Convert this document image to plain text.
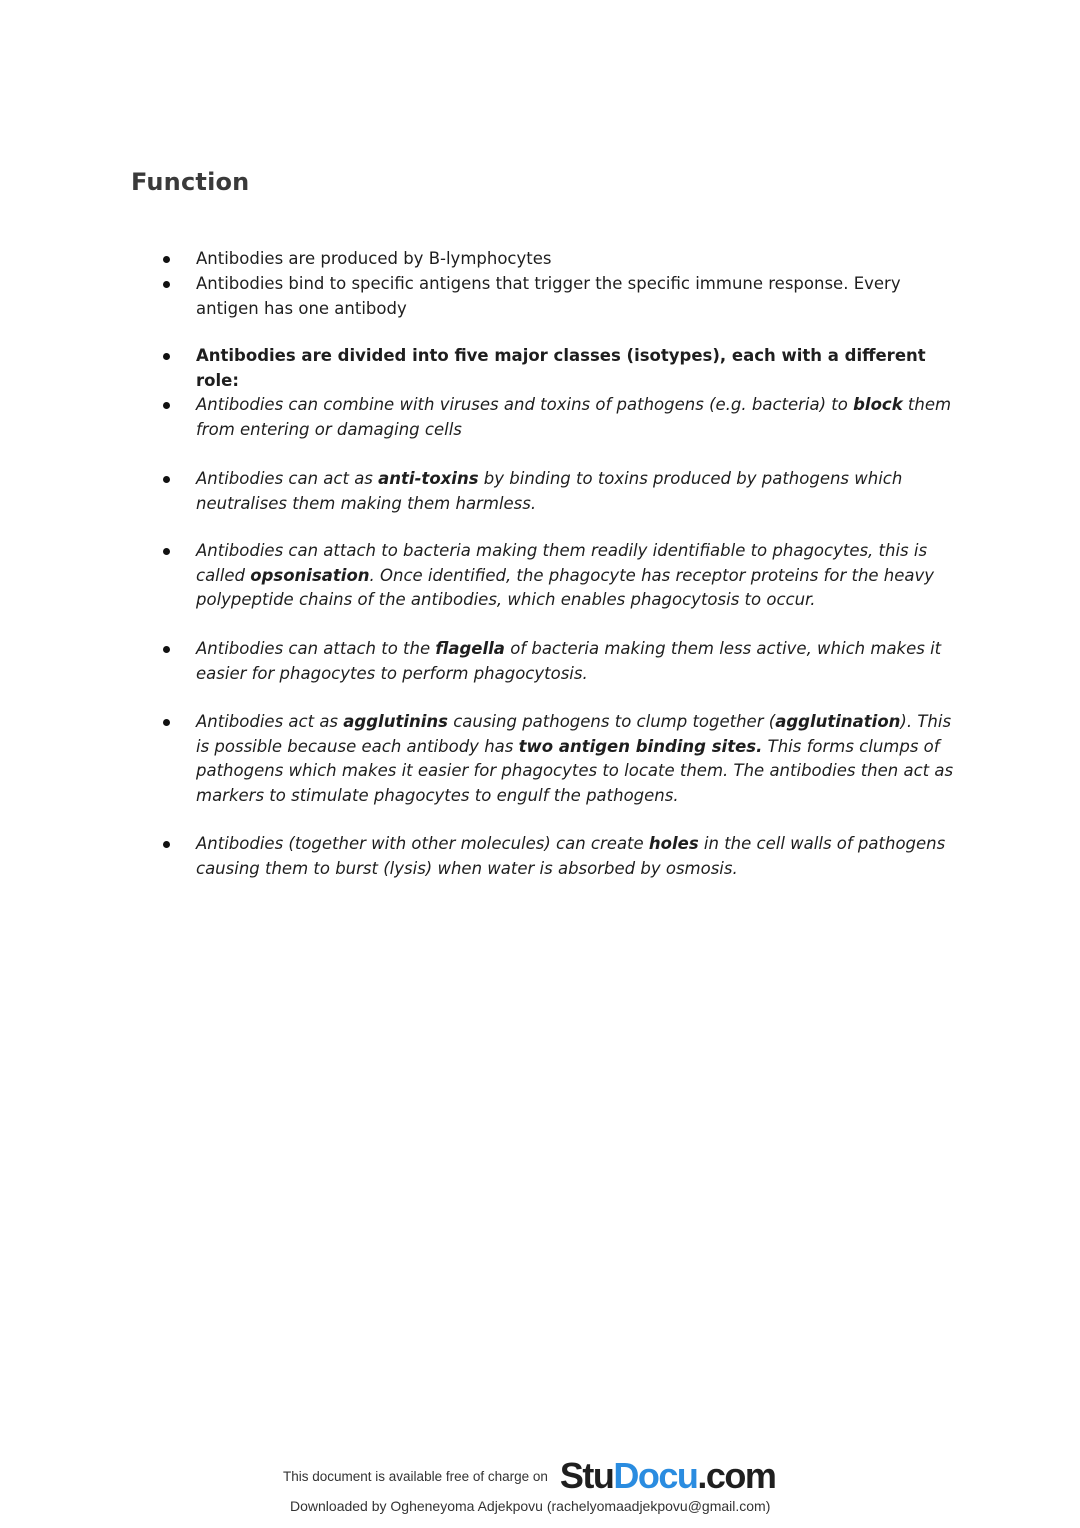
Function
Antibodies are produced by B-lymphocytes
Antibodies bind to specific antigens that trigger the specific immune response. Every antigen has one antibody
Antibodies are divided into five major classes (isotypes), each with a different role:
Antibodies can combine with viruses and toxins of pathogens (e.g. bacteria) to block them from entering or damaging cells
Antibodies can act as anti-toxins by binding to toxins produced by pathogens which neutralises them making them harmless.
Antibodies can attach to bacteria making them readily identifiable to phagocytes, this is called opsonisation. Once identified, the phagocyte has receptor proteins for the heavy polypeptide chains of the antibodies, which enables phagocytosis to occur.
Antibodies can attach to the flagella of bacteria making them less active, which makes it easier for phagocytes to perform phagocytosis.
Antibodies act as agglutinins causing pathogens to clump together (agglutination). This is possible because each antibody has two antigen binding sites. This forms clumps of pathogens which makes it easier for phagocytes to locate them. The antibodies then act as markers to stimulate phagocytes to engulf the pathogens.
Antibodies (together with other molecules) can create holes in the cell walls of pathogens causing them to burst (lysis) when water is absorbed by osmosis.
This document is available free of charge on StuDocu.com
Downloaded by Ogheneyoma Adjekpovu (rachelyomaadjekpovu@gmail.com)
